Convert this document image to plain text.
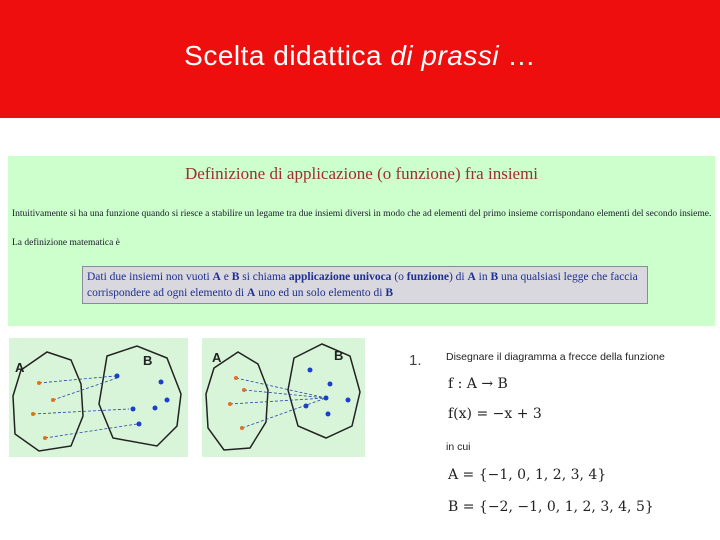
Scelta didattica di prassi …
Definizione di applicazione (o funzione) fra insiemi
Intuitivamente si ha una funzione quando si riesce a stabilire un legame tra due insiemi diversi in modo che ad elementi del primo insieme corrispondano elementi del secondo insieme.
La definizione matematica è
Dati due insiemi non vuoti A e B si chiama applicazione univoca (o funzione) di A in B una qualsiasi legge che faccia corrispondere ad ogni elemento di A uno ed un solo elemento di B
A	B	A	B	1. Disegnare il diagramma a frecce della funzione
f : A → B
f(x) = −x + 3
in cui
A = {−1, 0, 1, 2, 3, 4}
B = {−2, −1, 0, 1, 2, 3, 4, 5}
